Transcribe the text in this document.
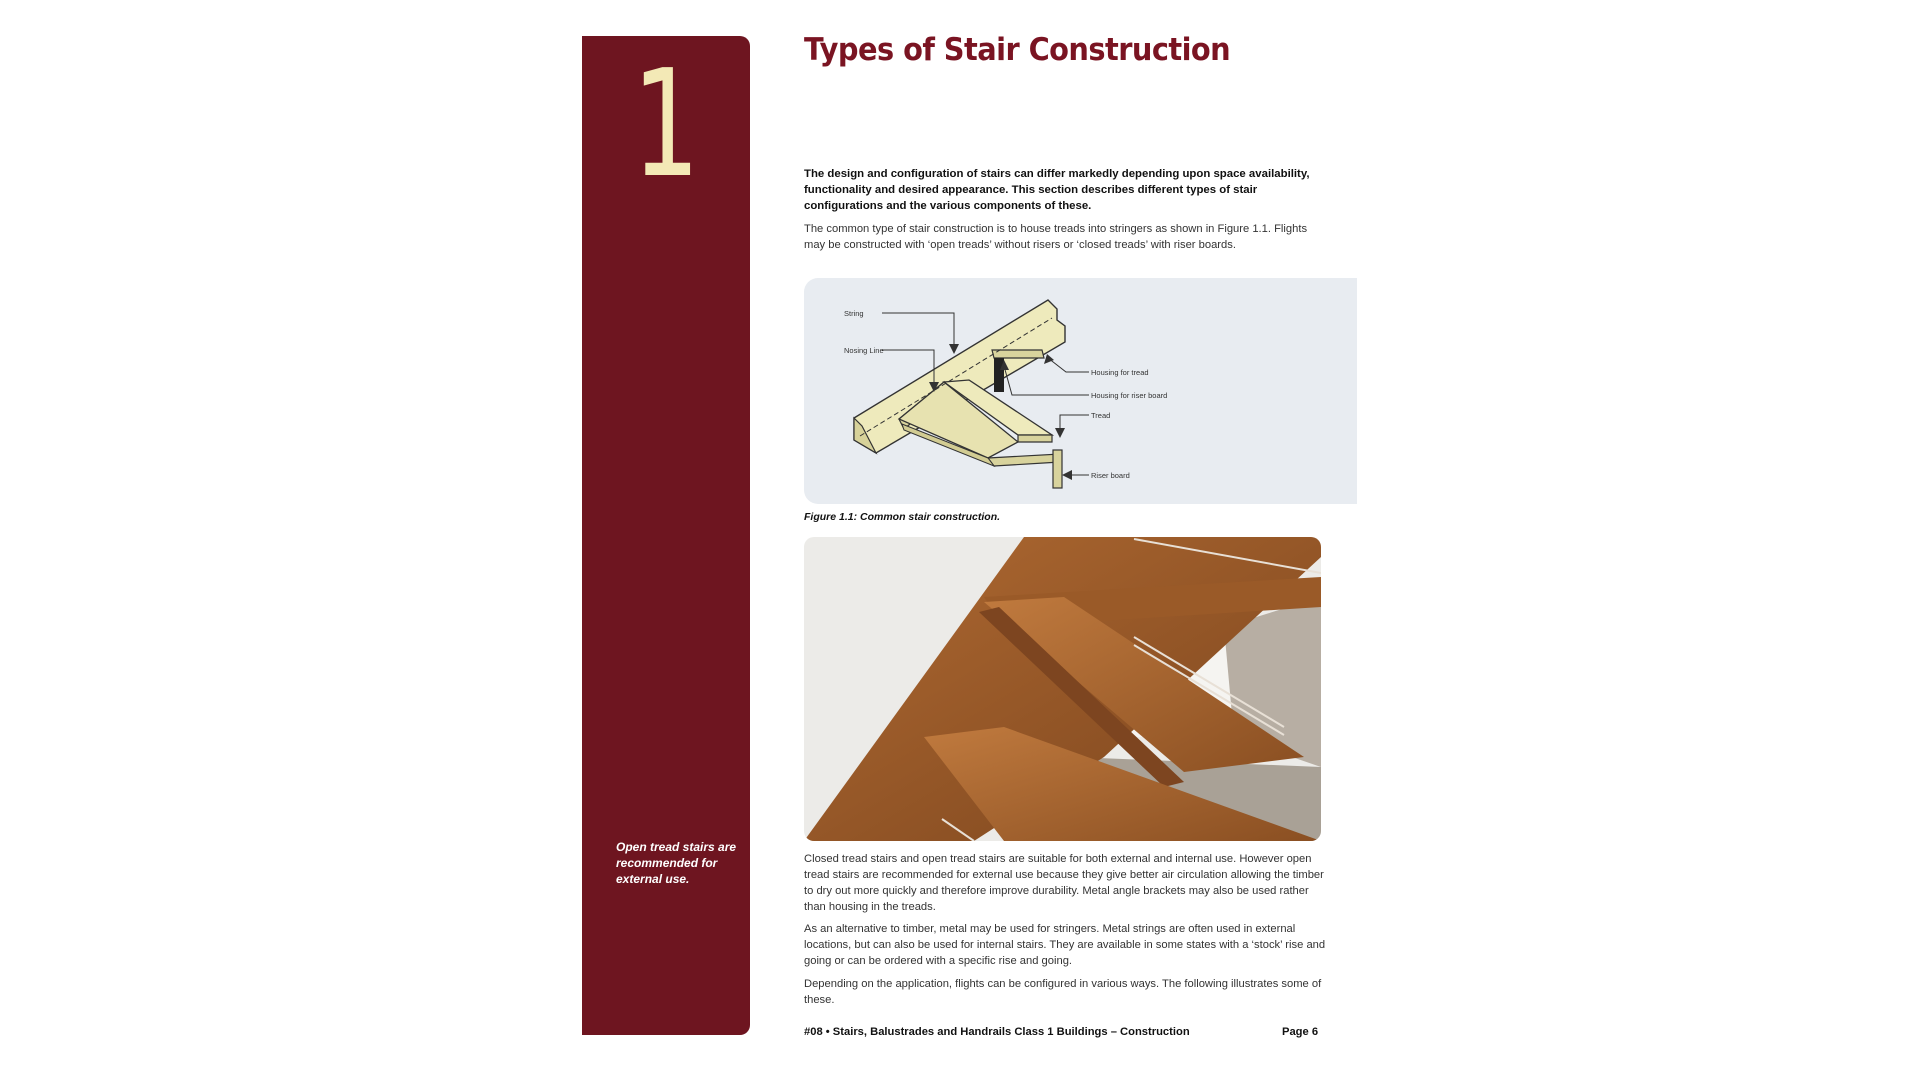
1
Open tread stairs are recommended for external use.
Types of Stair Construction

The design and configuration of stairs can differ markedly depending upon space availability, functionality and desired appearance. This section describes different types of stair configurations and the various components of these.

The common type of stair construction is to house treads into stringers as shown in Figure 1.1. Flights may be constructed with ‘open treads’ without risers or ‘closed treads’ with riser boards.

String
Nosing Line
Housing for tread
Housing for riser board
Tread
Riser board
Figure 1.1: Common stair construction.

Closed tread stairs and open tread stairs are suitable for both external and internal use. However open tread stairs are recommended for external use because they give better air circulation allowing the timber to dry out more quickly and therefore improve durability. Metal angle brackets may also be used rather than housing in the treads.

As an alternative to timber, metal may be used for stringers. Metal strings are often used in external locations, but can also be used for internal stairs. They are available in some states with a ‘stock’ rise and going or can be ordered with a specific rise and going.

Depending on the application, flights can be configured in various ways. The following illustrates some of these.

#08 • Stairs, Balustrades and Handrails Class 1 Buildings – Construction	Page 6
